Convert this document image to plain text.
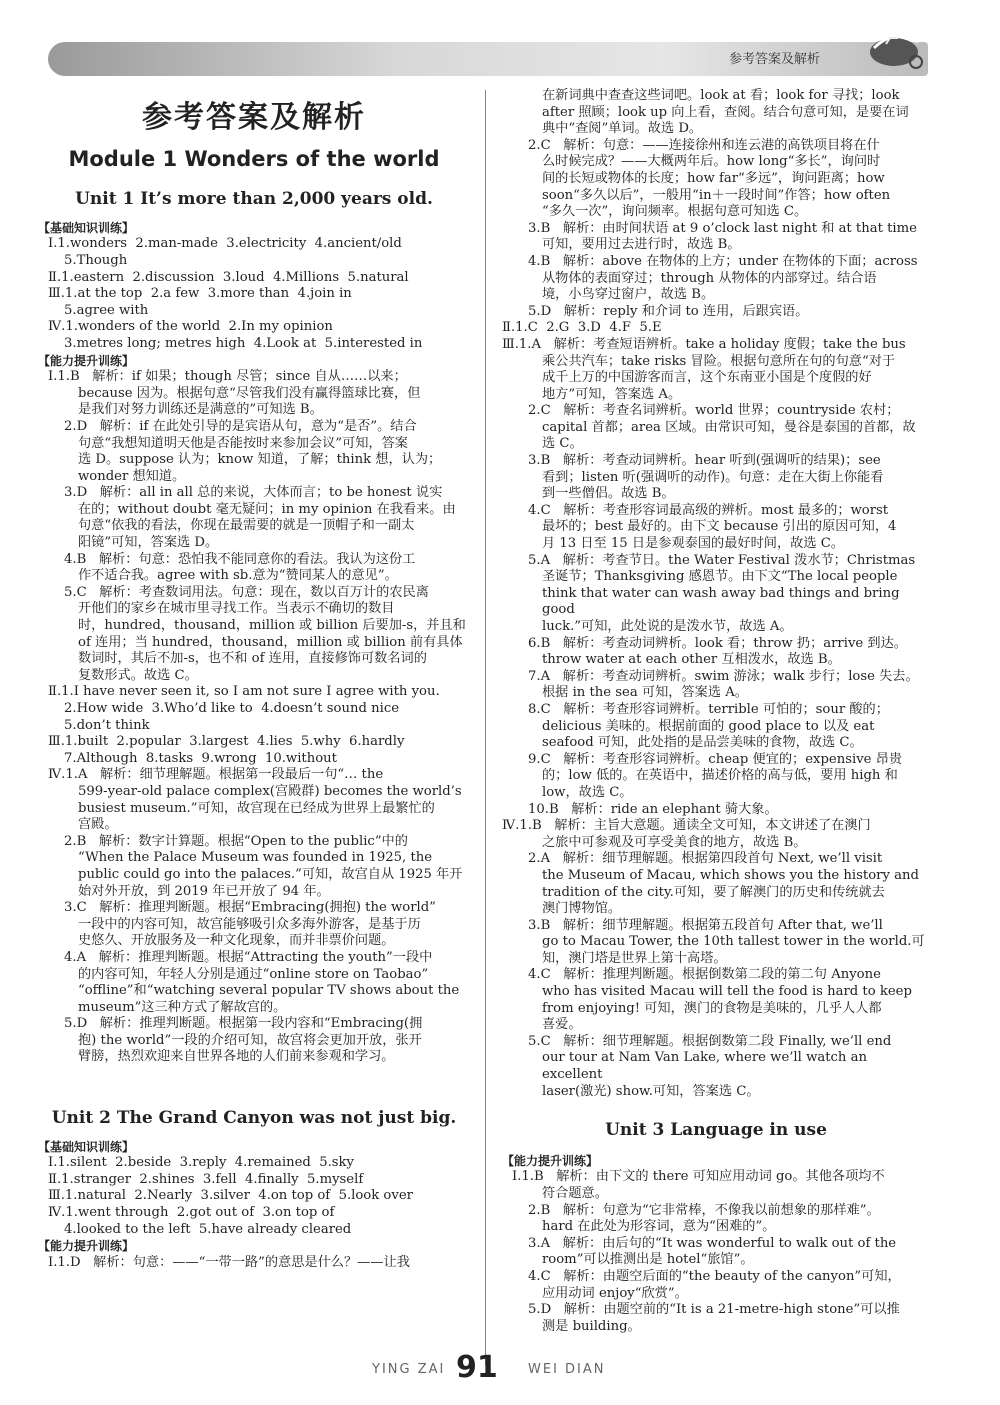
参考答案及解析
参考答案及解析
Module 1 Wonders of the world
Unit 1 It’s more than 2,000 years old.

【基础知识训练】

Ⅰ.1.wonders  2.man-made  3.electricity  4.ancient/old

5.Though

Ⅱ.1.eastern  2.discussion  3.loud  4.Millions  5.natural

Ⅲ.1.at the top  2.a few  3.more than  4.join in

5.agree with

Ⅳ.1.wonders of the world  2.In my opinion

3.metres long; metres high  4.Look at  5.interested in

【能力提升训练】

Ⅰ.1.B   解析：if 如果；though 尽管；since 自从……以来；

because 因为。根据句意“尽管我们没有赢得篮球比赛，但

是我们对努力训练还是满意的”可知选 B。

2.D   解析：if 在此处引导的是宾语从句，意为“是否”。结合

句意“我想知道明天他是否能按时来参加会议”可知，答案

选 D。suppose 认为；know 知道，了解；think 想，认为；

wonder 想知道。

3.D   解析：all in all 总的来说，大体而言；to be honest 说实

在的；without doubt 毫无疑问；in my opinion 在我看来。由

句意“依我的看法，你现在最需要的就是一顶帽子和一副太

阳镜”可知，答案选 D。

4.B   解析：句意：恐怕我不能同意你的看法。我认为这份工

作不适合我。agree with sb.意为“赞同某人的意见”。

5.C   解析：考查数词用法。句意：现在，数以百万计的农民离

开他们的家乡在城市里寻找工作。当表示不确切的数目

时，hundred，thousand，million 或 billion 后要加-s，并且和

of 连用；当 hundred，thousand，million 或 billion 前有具体

数词时，其后不加-s，也不和 of 连用，直接修饰可数名词的

复数形式。故选 C。

Ⅱ.1.I have never seen it, so I am not sure I agree with you.

2.How wide  3.Who’d like to  4.doesn’t sound nice

5.don’t think

Ⅲ.1.built  2.popular  3.largest  4.lies  5.why  6.hardly

7.Although  8.tasks  9.wrong  10.without

Ⅳ.1.A   解析：细节理解题。根据第一段最后一句“… the

599-year-old palace complex(宫殿群) becomes the world’s

busiest museum.”可知，故宫现在已经成为世界上最繁忙的

宫殿。

2.B   解析：数字计算题。根据“Open to the public”中的

“When the Palace Museum was founded in 1925, the

public could go into the palaces.”可知，故宫自从 1925 年开

始对外开放，到 2019 年已开放了 94 年。

3.C   解析：推理判断题。根据“Embracing(拥抱) the world”

一段中的内容可知，故宫能够吸引众多海外游客，是基于历

史悠久、开放服务及一种文化现象，而并非票价问题。

4.A   解析：推理判断题。根据“Attracting the youth”一段中

的内容可知，年轻人分别是通过“online store on Taobao”

“offline”和“watching several popular TV shows about the

museum”这三种方式了解故宫的。

5.D   解析：推理判断题。根据第一段内容和“Embracing(拥

抱) the world”一段的介绍可知，故宫将会更加开放，张开

臂膀，热烈欢迎来自世界各地的人们前来参观和学习。

Unit 2 The Grand Canyon was not just big.

【基础知识训练】

Ⅰ.1.silent  2.beside  3.reply  4.remained  5.sky

Ⅱ.1.stranger  2.shines  3.fell  4.finally  5.myself

Ⅲ.1.natural  2.Nearly  3.silver  4.on top of  5.look over

Ⅳ.1.went through  2.got out of  3.on top of

4.looked to the left  5.have already cleared

【能力提升训练】

Ⅰ.1.D   解析：句意：——“一带一路”的意思是什么？——让我

在新词典中查查这些词吧。look at 看；look for 寻找；look

after 照顾；look up 向上看，查阅。结合句意可知，是要在词

典中“查阅”单词。故选 D。

2.C   解析：句意：——连接徐州和连云港的高铁项目将在什

么时候完成？——大概两年后。how long“多长”，询问时

间的长短或物体的长度；how far“多远”，询问距离；how

soon“多久以后”，一般用“in＋一段时间”作答；how often

“多久一次”，询问频率。根据句意可知选 C。

3.B   解析：由时间状语 at 9 o’clock last night 和 at that time

可知，要用过去进行时，故选 B。

4.B   解析：above 在物体的上方；under 在物体的下面；across

从物体的表面穿过；through 从物体的内部穿过。结合语

境，小鸟穿过窗户，故选 B。

5.D   解析：reply 和介词 to 连用，后跟宾语。

Ⅱ.1.C  2.G  3.D  4.F  5.E

Ⅲ.1.A   解析：考查短语辨析。take a holiday 度假；take the bus

乘公共汽车；take risks 冒险。根据句意所在句的句意“对于

成千上万的中国游客而言，这个东南亚小国是个度假的好

地方”可知，答案选 A。

2.C   解析：考查名词辨析。world 世界；countryside 农村；

capital 首都；area 区域。由常识可知，曼谷是泰国的首都，故

选 C。

3.B   解析：考查动词辨析。hear 听到(强调听的结果)；see

看到；listen 听(强调听的动作)。句意：走在大街上你能看

到一些僧侣。故选 B。

4.C   解析：考查形容词最高级的辨析。most 最多的；worst

最坏的；best 最好的。由下文 because 引出的原因可知，4

月 13 日至 15 日是参观泰国的最好时间，故选 C。

5.A   解析：考查节日。the Water Festival 泼水节；Christmas

圣诞节；Thanksgiving 感恩节。由下文“The local people

think that water can wash away bad things and bring good

luck.”可知，此处说的是泼水节，故选 A。

6.B   解析：考查动词辨析。look 看；throw 扔；arrive 到达。

throw water at each other 互相泼水，故选 B。

7.A   解析：考查动词辨析。swim 游泳；walk 步行；lose 失去。

根据 in the sea 可知，答案选 A。

8.C   解析：考查形容词辨析。terrible 可怕的；sour 酸的；

delicious 美味的。根据前面的 good place to 以及 eat

seafood 可知，此处指的是品尝美味的食物，故选 C。

9.C   解析：考查形容词辨析。cheap 便宜的；expensive 昂贵

的；low 低的。在英语中，描述价格的高与低，要用 high 和

low，故选 C。

10.B   解析：ride an elephant 骑大象。

Ⅳ.1.B   解析：主旨大意题。通读全文可知，本文讲述了在澳门

之旅中可参观及可享受美食的地方，故选 B。

2.A   解析：细节理解题。根据第四段首句 Next, we’ll visit

the Museum of Macau, which shows you the history and

tradition of the city.可知，要了解澳门的历史和传统就去

澳门博物馆。

3.B   解析：细节理解题。根据第五段首句 After that, we’ll

go to Macau Tower, the 10th tallest tower in the world.可

知，澳门塔是世界上第十高塔。

4.C   解析：推理判断题。根据倒数第二段的第二句 Anyone

who has visited Macau will tell the food is hard to keep

from enjoying! 可知，澳门的食物是美味的，几乎人人都

喜爱。

5.C   解析：细节理解题。根据倒数第二段 Finally, we’ll end

our tour at Nam Van Lake, where we’ll watch an excellent

laser(激光) show.可知，答案选 C。

Unit 3 Language in use

【能力提升训练】

Ⅰ.1.B   解析：由下文的 there 可知应用动词 go。其他各项均不

符合题意。

2.B   解析：句意为“它非常棒，不像我以前想象的那样难”。

hard 在此处为形容词，意为“困难的”。

3.A   解析：由后句的“It was wonderful to walk out of the

room”可以推测出是 hotel“旅馆”。

4.C   解析：由题空后面的“the beauty of the canyon”可知，

应用动词 enjoy“欣赏”。

5.D   解析：由题空前的“It is a 21-metre-high stone”可以推

测是 building。

YING ZAI 91 WEI DIAN
